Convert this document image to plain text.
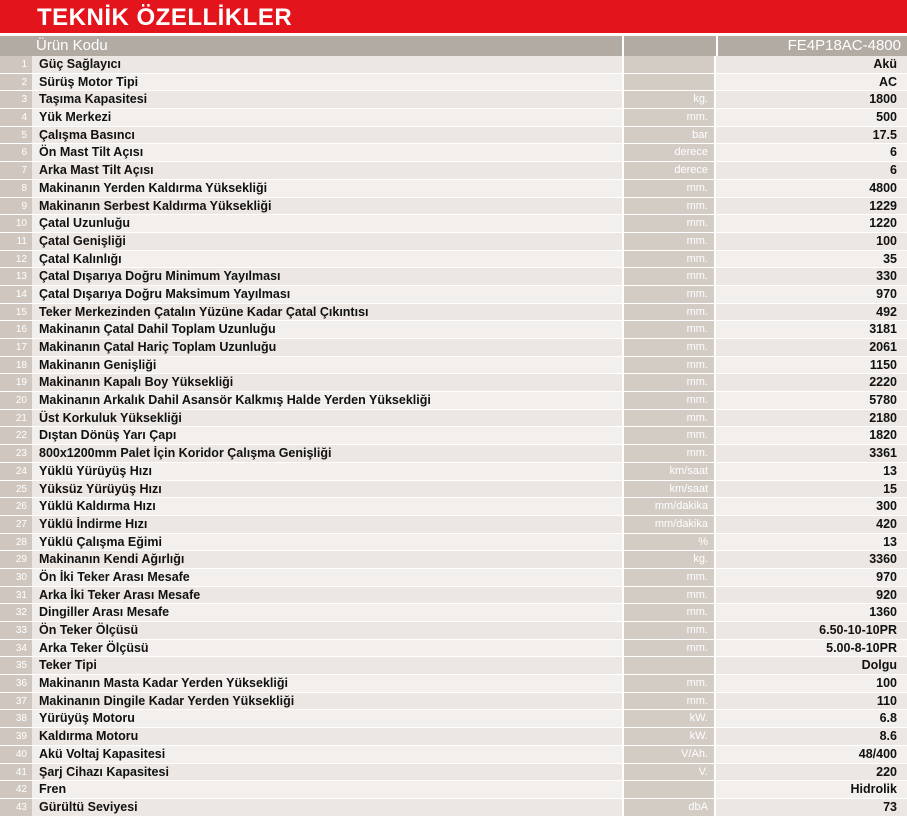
TEKNİK ÖZELLİKLER
Ürün Kodu	FE4P18AC-4800
1 Güç Sağlayıcı	Akü
2 Sürüş Motor Tipi	AC
3 Taşıma Kapasitesi	kg.	1800
4 Yük Merkezi	mm.	500
5 Çalışma Basıncı	bar	17.5
6 Ön Mast Tilt Açısı	derece	6
7 Arka Mast Tilt Açısı	derece	6
8 Makinanın Yerden Kaldırma Yüksekliği	mm.	4800
9 Makinanın Serbest Kaldırma Yüksekliği	mm.	1229
10 Çatal Uzunluğu	mm.	1220
11 Çatal Genişliği	mm.	100
12 Çatal Kalınlığı	mm.	35
13 Çatal Dışarıya Doğru Minimum Yayılması	mm.	330
14 Çatal Dışarıya Doğru Maksimum Yayılması	mm.	970
15 Teker Merkezinden Çatalın Yüzüne Kadar Çatal Çıkıntısı	mm.	492
16 Makinanın Çatal Dahil Toplam Uzunluğu	mm.	3181
17 Makinanın Çatal Hariç Toplam Uzunluğu	mm.	2061
18 Makinanın Genişliği	mm.	1150
19 Makinanın Kapalı Boy Yüksekliği	mm.	2220
20 Makinanın Arkalık Dahil Asansör Kalkmış Halde Yerden Yüksekliği	mm.	5780
21 Üst Korkuluk Yüksekliği	mm.	2180
22 Dıştan Dönüş Yarı Çapı	mm.	1820
23 800x1200mm Palet İçin Koridor Çalışma Genişliği	mm.	3361
24 Yüklü Yürüyüş Hızı	km/saat	13
25 Yüksüz Yürüyüş Hızı	km/saat	15
26 Yüklü Kaldırma Hızı	mm/dakika	300
27 Yüklü İndirme Hızı	mm/dakika	420
28 Yüklü Çalışma Eğimi	%	13
29 Makinanın Kendi Ağırlığı	kg.	3360
30 Ön İki Teker Arası Mesafe	mm.	970
31 Arka İki Teker Arası Mesafe	mm.	920
32 Dingiller Arası Mesafe	mm.	1360
33 Ön Teker Ölçüsü	mm.	6.50-10-10PR
34 Arka Teker Ölçüsü	mm.	5.00-8-10PR
35 Teker Tipi	Dolgu
36 Makinanın Masta Kadar Yerden Yüksekliği	mm.	100
37 Makinanın Dingile Kadar Yerden Yüksekliği	mm.	110
38 Yürüyüş Motoru	kW.	6.8
39 Kaldırma Motoru	kW.	8.6
40 Akü Voltaj Kapasitesi	V/Ah.	48/400
41 Şarj Cihazı Kapasitesi	V.	220
42 Fren	Hidrolik
43 Gürültü Seviyesi	dbA	73
